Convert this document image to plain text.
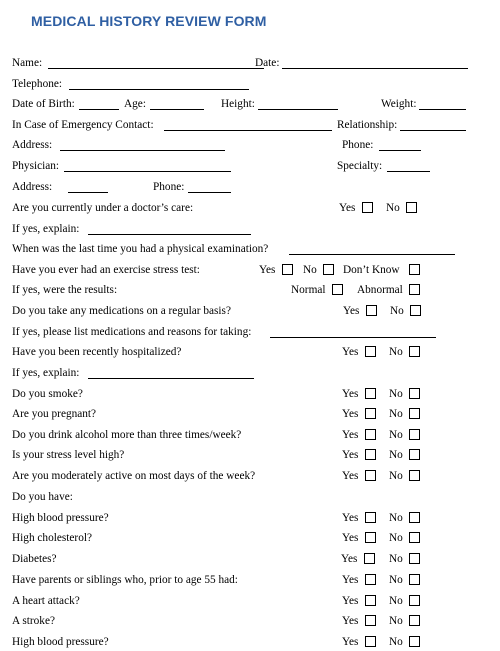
MEDICAL HISTORY REVIEW FORM
Name:	Date:
Telephone:
Date of Birth:	Age:	Height:	Weight:
In Case of Emergency Contact:	Relationship:
Address:	Phone:
Physician:	Specialty:
Address:	Phone:
Are you currently under a doctor’s care:	Yes	No
If yes, explain:
When was the last time you had a physical examination?
Have you ever had an exercise stress test:	Yes No Don’t Know
If yes, were the results:	Normal	Abnormal
Do you take any medications on a regular basis?	Yes	No
If yes, please list medications and reasons for taking:
Have you been recently hospitalized?	Yes	No
If yes, explain:
Do you smoke?	Yes	No
Are you pregnant?	Yes	No
Do you drink alcohol more than three times/week?	Yes	No
Is your stress level high?	Yes	No
Are you moderately active on most days of the week?	Yes	No
Do you have:
High blood pressure?	Yes	No
High cholesterol?	Yes	No
Diabetes?	Yes	No
Have parents or siblings who, prior to age 55 had:	Yes	No
A heart attack?	Yes	No
A stroke?	Yes	No
High blood pressure?	Yes	No
